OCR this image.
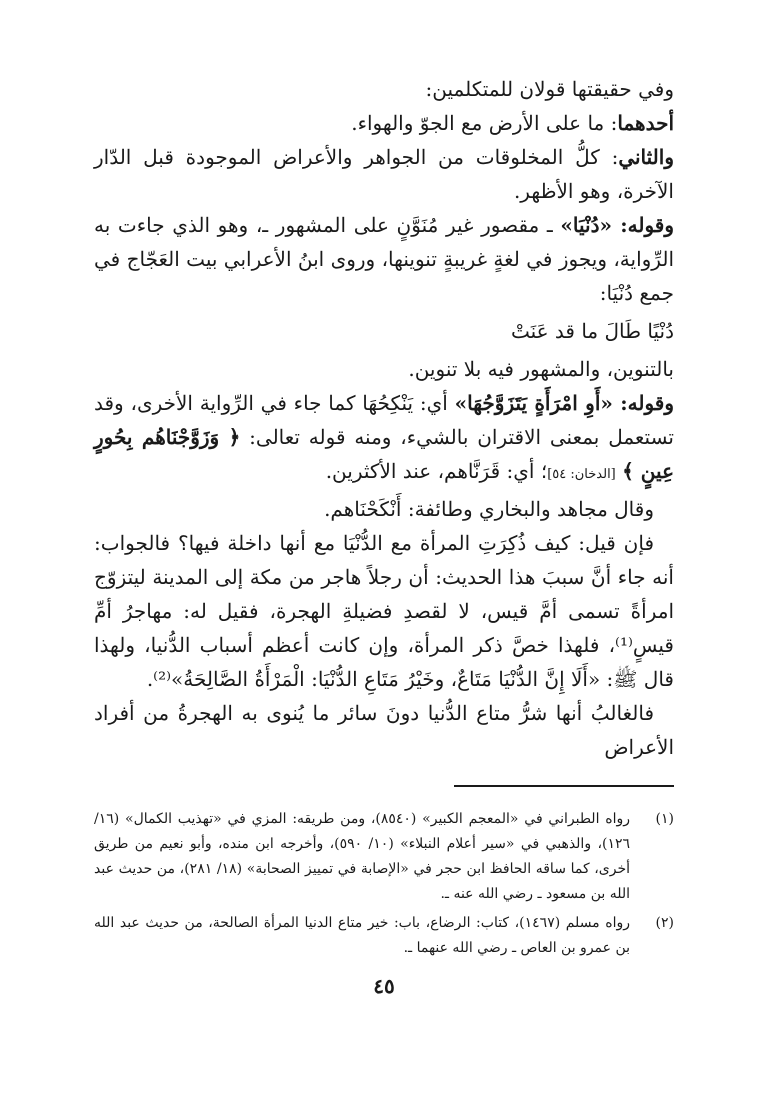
وفي حقيقتها قولان للمتكلمين:

أحدهما: ما على الأرض مع الجوّ والهواء.

والثاني: كلُّ المخلوقات من الجواهر والأعراض الموجودة قبل الدّار الآخرة، وهو الأظهر.

وقوله: «دُنْيَا» ـ مقصور غير مُنَوَّنٍ على المشهور ـ، وهو الذي جاءت به الرِّواية، ويجوز في لغةٍ غريبةٍ تنوينها، وروى ابنُ الأعرابي بيت العَجّاج في جمع دُنْيَا:

دُنْيًا طَالَ ما قد عَنَتْ

بالتنوين، والمشهور فيه بلا تنوين.

وقوله: «أَوِ امْرَأَةٍ يَتَزَوَّجُهَا» أي: يَنْكِحُهَا كما جاء في الرِّواية الأخرى، وقد تستعمل بمعنى الاقتران بالشيء، ومنه قوله تعالى: ﴿ وَزَوَّجْنَاهُم بِحُورٍ عِينٍ ﴾ [الدخان: ٥٤]؛ أي: قَرَنَّاهم، عند الأكثرين.

وقال مجاهد والبخاري وطائفة: أَنْكَحْنَاهم.

فإن قيل: كيف ذُكِرَتِ المرأة مع الدُّنْيَا مع أنها داخلة فيها؟ فالجواب: أنه جاء أنَّ سببَ هذا الحديث: أن رجلاً هاجر من مكة إلى المدينة ليتزوّج امرأةً تسمى أمَّ قيس، لا لقصدِ فضيلةِ الهجرة، فقيل له: مهاجرُ أمِّ قيسٍ⁽¹⁾، فلهذا خصَّ ذكر المرأة، وإن كانت أعظم أسباب الدُّنيا، ولهذا قال ﷺ: «أَلَا إِنَّ الدُّنْيَا مَتَاعٌ، وخَيْرُ مَتَاعِ الدُّنْيَا: الْمَرْأَةُ الصَّالِحَةُ»⁽²⁾.

فالغالبُ أنها شرُّ متاع الدُّنيا دونَ سائر ما يُنوى به الهجرةُ من أفراد الأعراض

(١)
رواه الطبراني في «المعجم الكبير» (٨٥٤٠)، ومن طريقه: المزي في «تهذيب الكمال» (١٦/ ١٢٦)، والذهبي في «سير أعلام النبلاء» (١٠/ ٥٩٠)، وأخرجه ابن منده، وأبو نعيم من طريق أخرى، كما ساقه الحافظ ابن حجر في «الإصابة في تمييز الصحابة» (١٨/ ٢٨١)، من حديث عبد الله بن مسعود ـ رضي الله عنه ـ.
(٢)
رواه مسلم (١٤٦٧)، كتاب: الرضاع، باب: خير متاع الدنيا المرأة الصالحة، من حديث عبد الله بن عمرو بن العاص ـ رضي الله عنهما ـ.
٤٥
